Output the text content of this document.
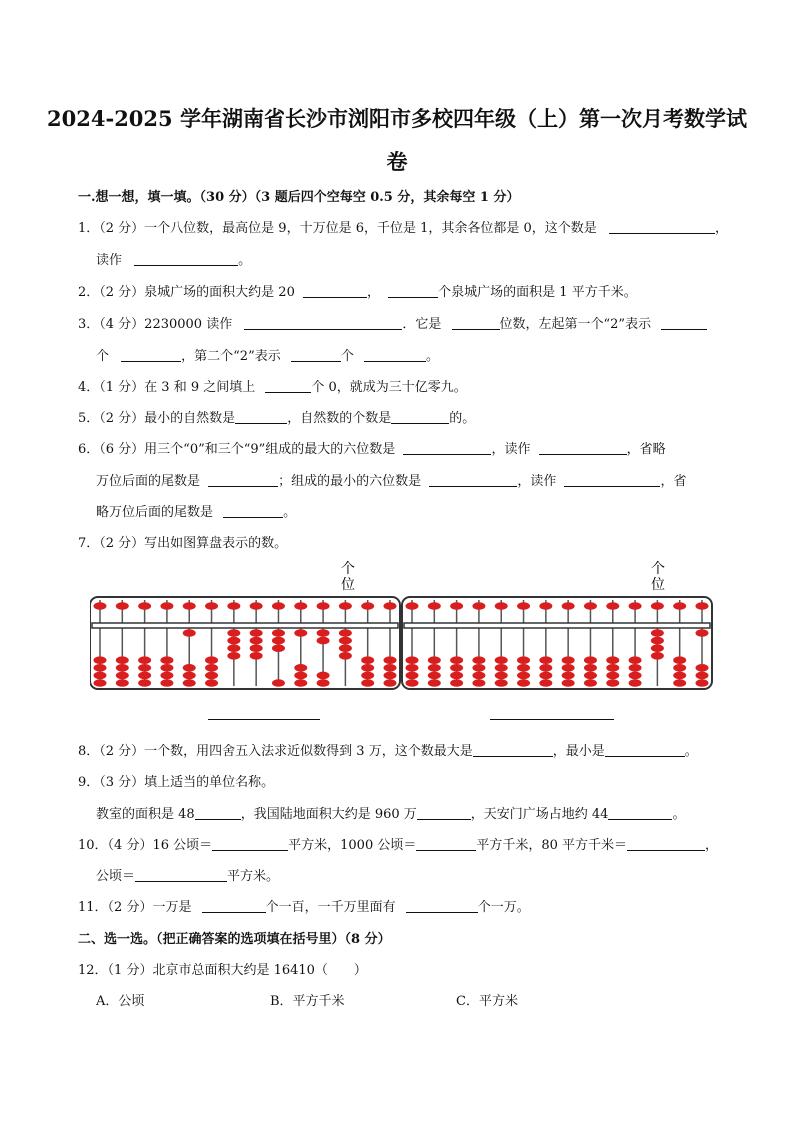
2024-2025 学年湖南省长沙市浏阳市多校四年级（上）第一次月考数学试
卷
一.想一想，填一填。（30 分）（3 题后四个空每空 0.5 分，其余每空 1 分）
1．（2 分）一个八位数，最高位是 9，十万位是 6，千位是 1，其余各位都是 0，这个数是	，
读作	。
2．（2 分）泉城广场的面积大约是 20	，	个泉城广场的面积是 1 平方千米。
3．（4 分）2230000 读作	．它是	位数，左起第一个“2”表示
个	，第二个“2”表示	个	。
4．（1 分）在 3 和 9 之间填上	个 0，就成为三十亿零九。
5．（2 分）最小的自然数是	，自然数的个数是	的。
6．（6 分）用三个“0”和三个“9”组成的最大的六位数是	，读作	，省略
万位后面的尾数是	；组成的最小的六位数是	，读作	，省
略万位后面的尾数是	。
7．（2 分）写出如图算盘表示的数。
个
位
个
位
8．（2 分）一个数，用四舍五入法求近似数得到 3 万，这个数最大是	，最小是	。
9．（3 分）填上适当的单位名称。
教室的面积是 48	，我国陆地面积大约是 960 万	，天安门广场占地约 44	。
10．（4 分）16 公顷＝	平方米，1000 公顷＝	平方千米，80 平方千米＝	，
公顷＝	平方米。
11．（2 分）一万是	个一百，一千万里面有	个一万。
二、选一选。（把正确答案的选项填在括号里）（8 分）
12．（1 分）北京市总面积大约是 16410（　　）
A．公顷	B．平方千米	C．平方米
